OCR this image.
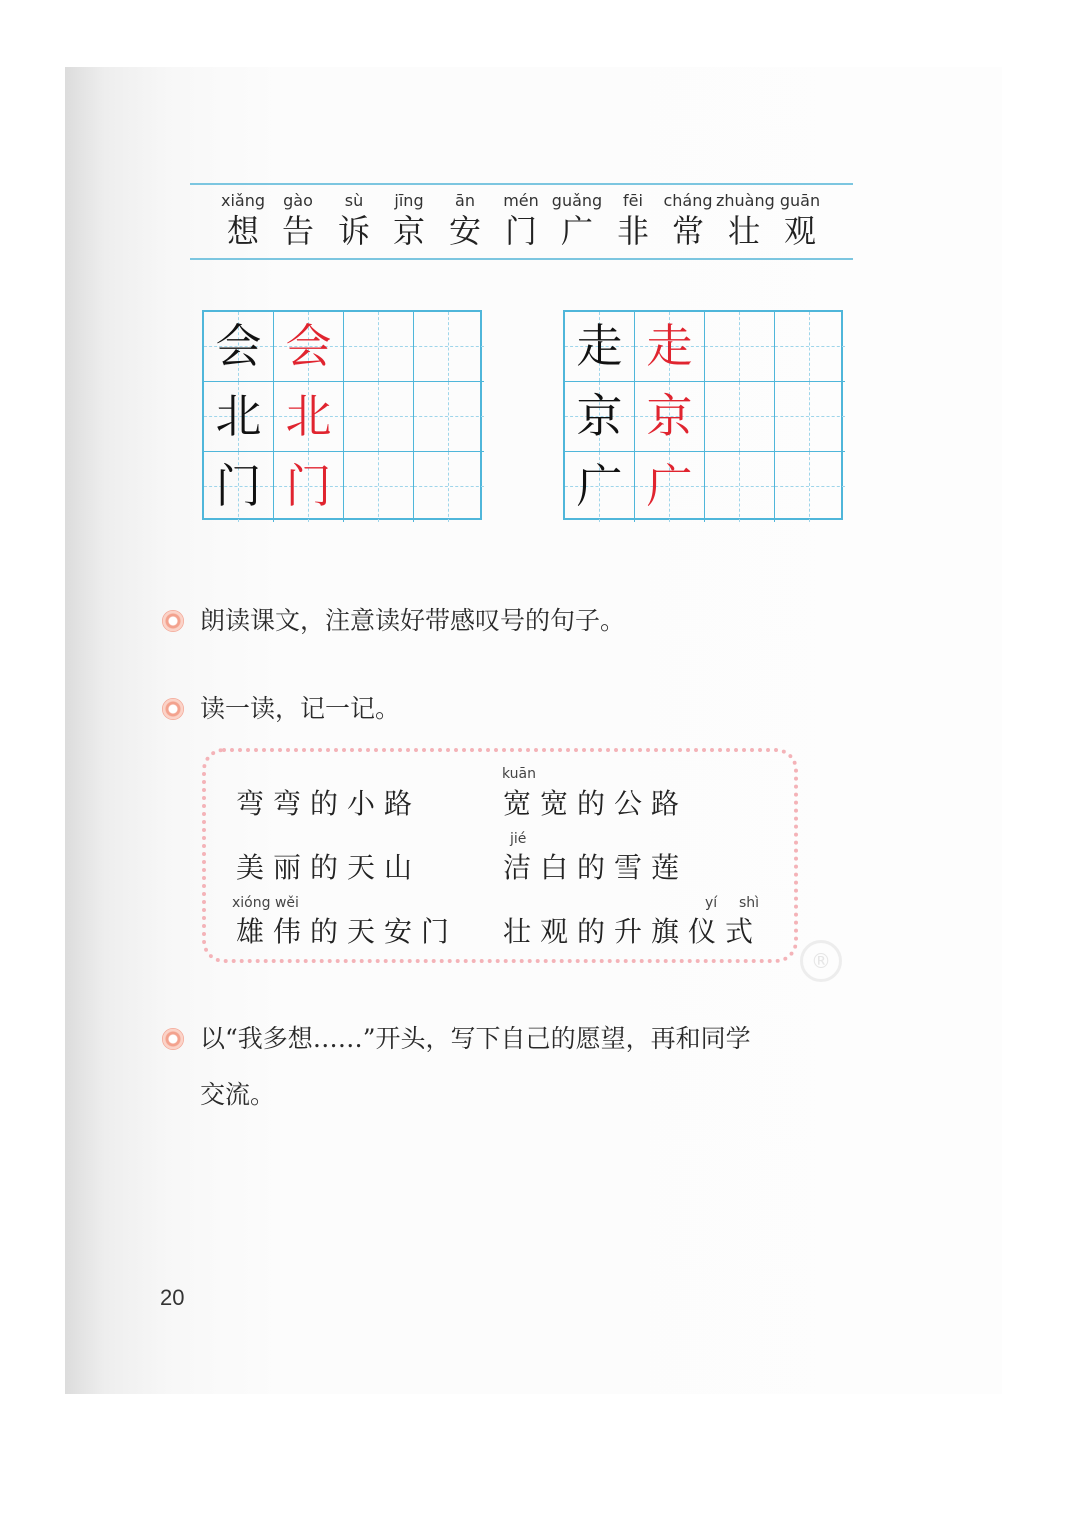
xiǎng
想
gào
告
sù
诉
jīng
京
ān
安
mén
门
guǎng
广
fēi
非
cháng
常
zhuàng
壮
guān
观
会 会
北 北
门 门
走 走
京 京
广 广
朗读课文，注意读好带感叹号的句子。
读一读，记一记。
弯弯的小路
kuān
宽宽的公路
美丽的天山
jié
洁白的雪莲
xióng wěi
雄伟的天安门
yí shì
壮观的升旗仪式
以“我多想……”开头，写下自己的愿望，再和同学
交流。
®
20
